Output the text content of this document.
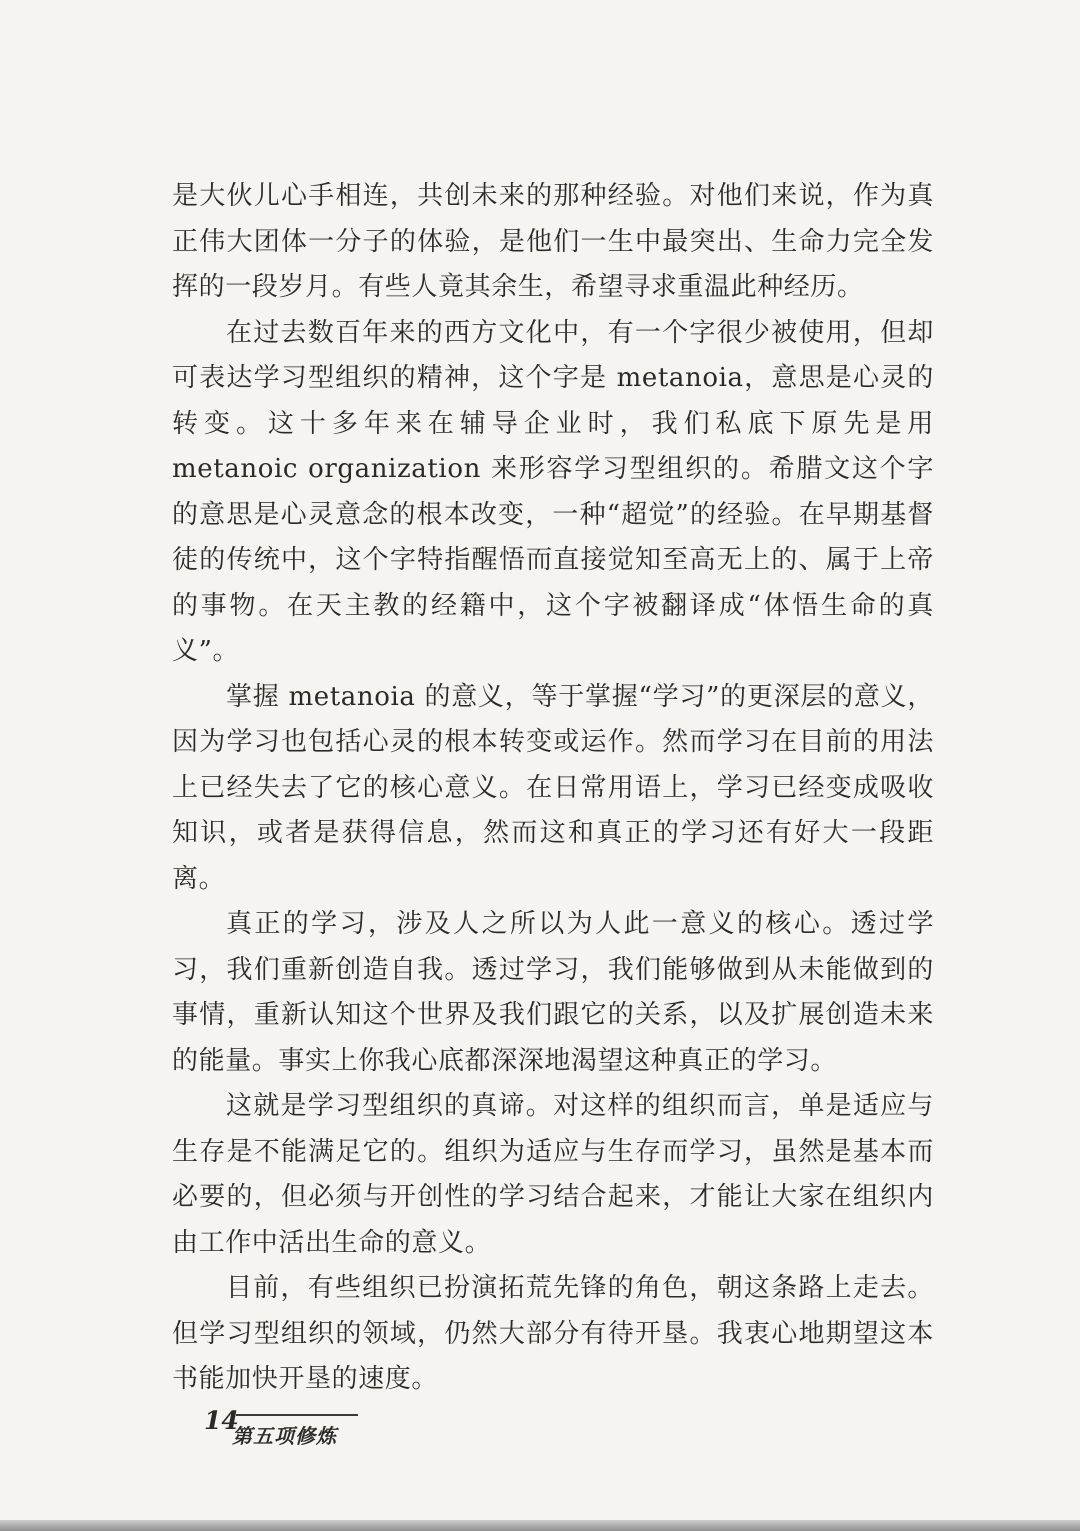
是大伙儿心手相连，共创未来的那种经验。对他们来说，作为真正伟大团体一分子的体验，是他们一生中最突出、生命力完全发挥的一段岁月。有些人竟其余生，希望寻求重温此种经历。

在过去数百年来的西方文化中，有一个字很少被使用，但却可表达学习型组织的精神，这个字是 metanoia，意思是心灵的转变。这十多年来在辅导企业时，我们私底下原先是用 metanoic organization 来形容学习型组织的。希腊文这个字的意思是心灵意念的根本改变，一种“超觉”的经验。在早期基督徒的传统中，这个字特指醒悟而直接觉知至高无上的、属于上帝的事物。在天主教的经籍中，这个字被翻译成“体悟生命的真义”。

掌握 metanoia 的意义，等于掌握“学习”的更深层的意义，因为学习也包括心灵的根本转变或运作。然而学习在目前的用法上已经失去了它的核心意义。在日常用语上，学习已经变成吸收知识，或者是获得信息，然而这和真正的学习还有好大一段距离。

真正的学习，涉及人之所以为人此一意义的核心。透过学习，我们重新创造自我。透过学习，我们能够做到从未能做到的事情，重新认知这个世界及我们跟它的关系，以及扩展创造未来的能量。事实上你我心底都深深地渴望这种真正的学习。

这就是学习型组织的真谛。对这样的组织而言，单是适应与生存是不能满足它的。组织为适应与生存而学习，虽然是基本而必要的，但必须与开创性的学习结合起来，才能让大家在组织内由工作中活出生命的意义。

目前，有些组织已扮演拓荒先锋的角色，朝这条路上走去。但学习型组织的领域，仍然大部分有待开垦。我衷心地期望这本书能加快开垦的速度。

14
第五项修炼
